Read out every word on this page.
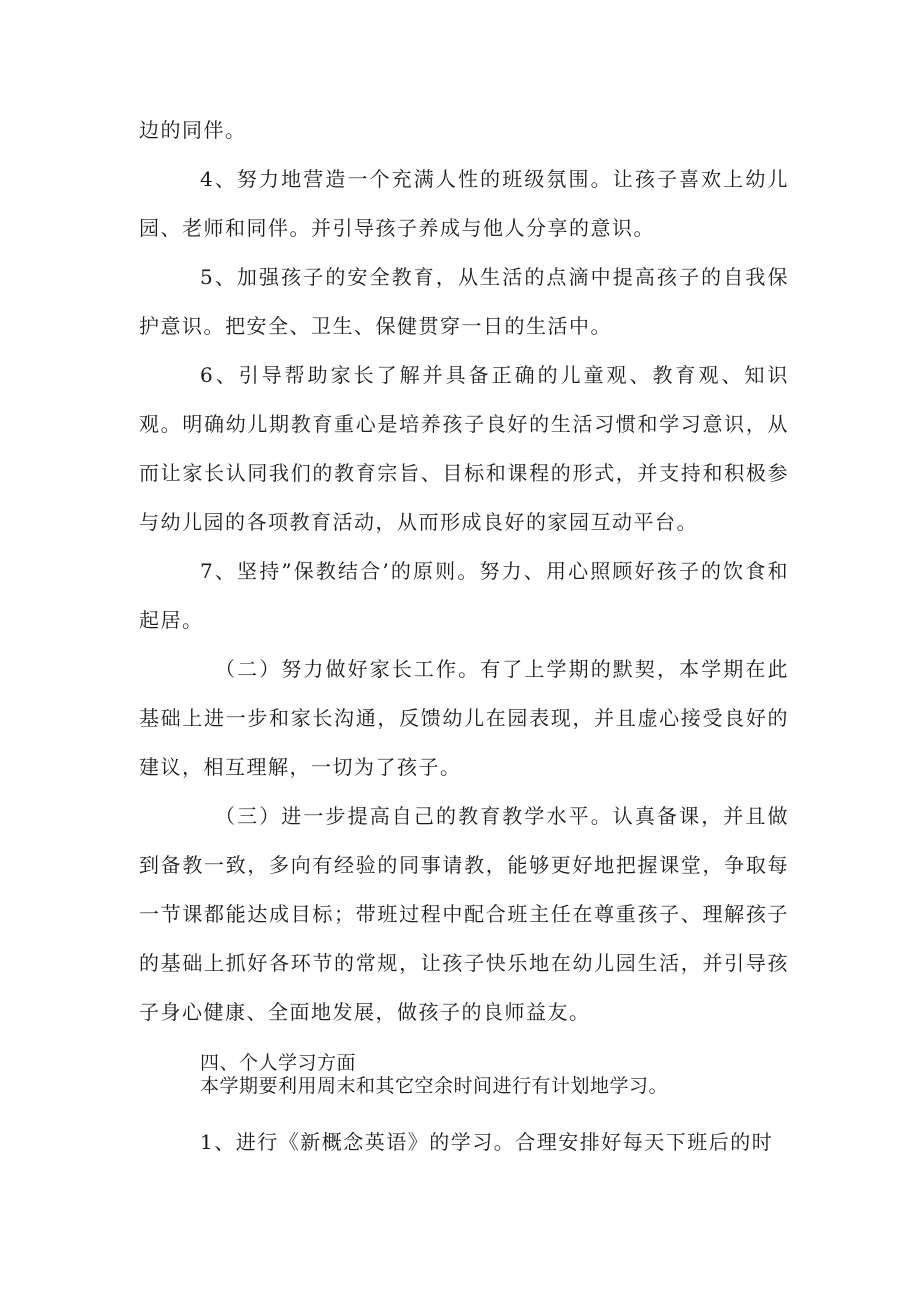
边的同伴。

4、努力地营造一个充满人性的班级氛围。让孩子喜欢上幼儿园、老师和同伴。并引导孩子养成与他人分享的意识。

5、加强孩子的安全教育，从生活的点滴中提高孩子的自我保护意识。把安全、卫生、保健贯穿一日的生活中。

6、引导帮助家长了解并具备正确的儿童观、教育观、知识观。明确幼儿期教育重心是培养孩子良好的生活习惯和学习意识，从而让家长认同我们的教育宗旨、目标和课程的形式，并支持和积极参与幼儿园的各项教育活动，从而形成良好的家园互动平台。

7、坚持”保教结合’的原则。努力、用心照顾好孩子的饮食和起居。

（二）努力做好家长工作。有了上学期的默契，本学期在此基础上进一步和家长沟通，反馈幼儿在园表现，并且虚心接受良好的建议，相互理解，一切为了孩子。

（三）进一步提高自己的教育教学水平。认真备课，并且做到备教一致，多向有经验的同事请教，能够更好地把握课堂，争取每一节课都能达成目标；带班过程中配合班主任在尊重孩子、理解孩子的基础上抓好各环节的常规，让孩子快乐地在幼儿园生活，并引导孩子身心健康、全面地发展，做孩子的良师益友。

四、个人学习方面

本学期要利用周末和其它空余时间进行有计划地学习。

1、进行《新概念英语》的学习。合理安排好每天下班后的时
